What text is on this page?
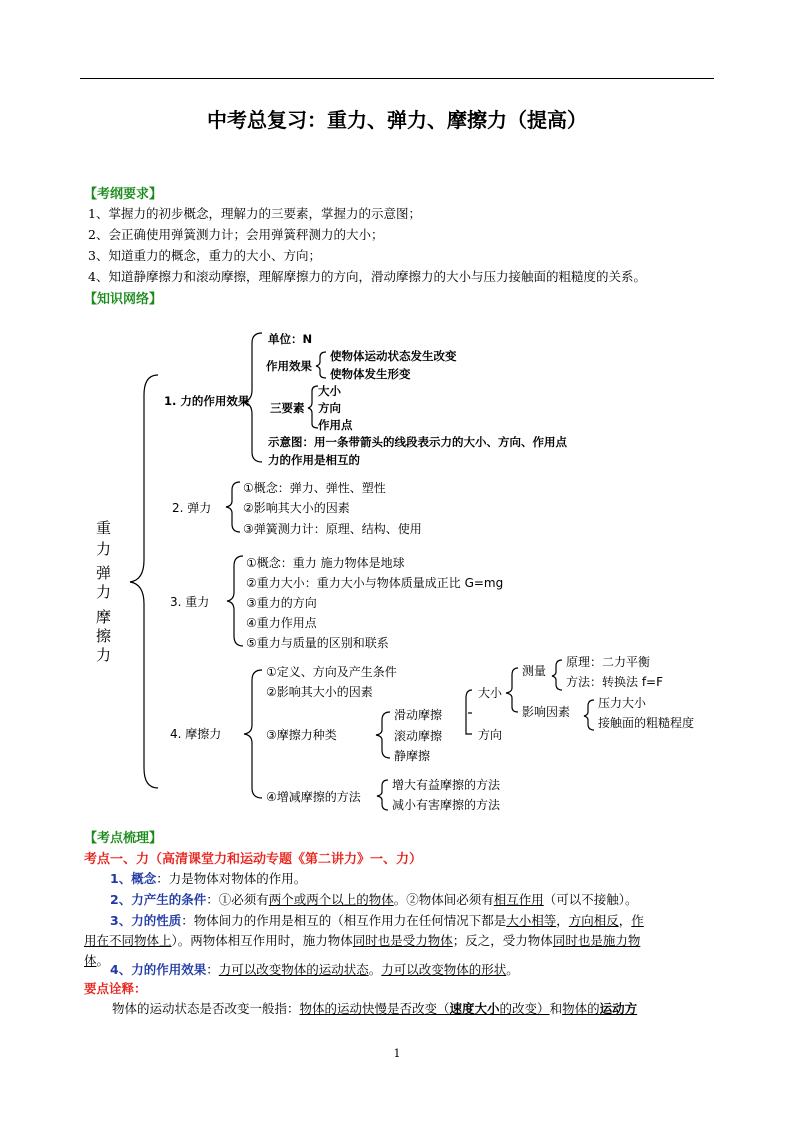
中考总复习：重力、弹力、摩擦力（提高）
【考纲要求】
1、掌握力的初步概念，理解力的三要素，掌握力的示意图；
2、会正确使用弹簧测力计；会用弹簧秤测力的大小；
3、知道重力的概念，重力的大小、方向；
4、知道静摩擦力和滚动摩擦，理解摩擦力的方向，滑动摩擦力的大小与压力接触面的粗糙度的关系。
【知识网络】
重
力
弹
力
摩
擦
力
1. 力的作用效果
单位：N
作用效果
使物体运动状态发生改变
使物体发生形变
三要素
大小
方向
作用点
示意图：用一条带箭头的线段表示力的大小、方向、作用点
力的作用是相互的
2. 弹力
①概念：弹力、弹性、塑性
②影响其大小的因素
③弹簧测力计：原理、结构、使用
3. 重力
①概念：重力 施力物体是地球
②重力大小：重力大小与物体质量成正比 G=mg
③重力的方向
④重力作用点
⑤重力与质量的区别和联系
4. 摩擦力
①定义、方向及产生条件
②影响其大小的因素
③摩擦力种类
④增减摩擦的方法
滑动摩擦
滚动摩擦
静摩擦
大小
方向
测量
原理：二力平衡
方法：转换法 f=F
影响因素
压力大小
接触面的粗糙程度
增大有益摩擦的方法
减小有害摩擦的方法
【考点梳理】
考点一、力（高清课堂力和运动专题《第二讲力》一、力）
1、概念：力是物体对物体的作用。
2、力产生的条件：①必须有两个或两个以上的物体。②物体间必须有相互作用（可以不接触）。
3、力的性质：物体间力的作用是相互的（相互作用力在任何情况下都是大小相等，方向相反，作
用在不同物体上）。两物体相互作用时，施力物体同时也是受力物体；反之，受力物体同时也是施力物
体。
4、力的作用效果：力可以改变物体的运动状态。力可以改变物体的形状。
要点诠释：
物体的运动状态是否改变一般指：物体的运动快慢是否改变（速度大小的改变）和物体的运动方
1
